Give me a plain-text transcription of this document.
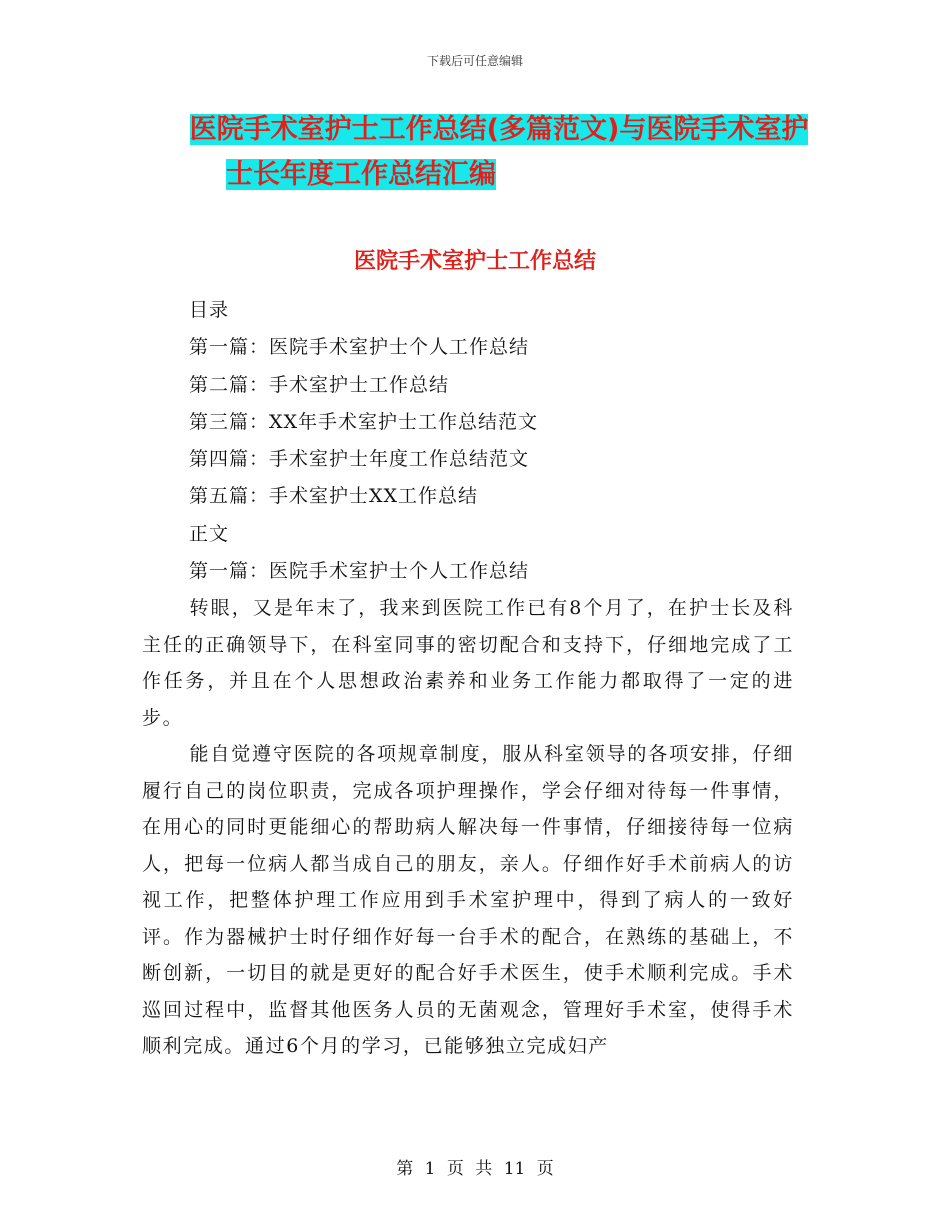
下载后可任意编辑
医院手术室护士工作总结(多篇范文)与医院手术室护
士长年度工作总结汇编
医院手术室护士工作总结
目录
第一篇：医院手术室护士个人工作总结
第二篇：手术室护士工作总结
第三篇：XX年手术室护士工作总结范文
第四篇：手术室护士年度工作总结范文
第五篇：手术室护士XX工作总结
正文
第一篇：医院手术室护士个人工作总结

转眼，又是年末了，我来到医院工作已有8个月了，在护士长及科主任的正确领导下，在科室同事的密切配合和支持下，仔细地完成了工作任务，并且在个人思想政治素养和业务工作能力都取得了一定的进步。

能自觉遵守医院的各项规章制度，服从科室领导的各项安排，仔细履行自己的岗位职责，完成各项护理操作，学会仔细对待每一件事情，在用心的同时更能细心的帮助病人解决每一件事情，仔细接待每一位病人，把每一位病人都当成自己的朋友，亲人。仔细作好手术前病人的访视工作，把整体护理工作应用到手术室护理中，得到了病人的一致好评。作为器械护士时仔细作好每一台手术的配合，在熟练的基础上，不断创新，一切目的就是更好的配合好手术医生，使手术顺利完成。手术巡回过程中，监督其他医务人员的无菌观念，管理好手术室，使得手术顺利完成。通过6个月的学习，已能够独立完成妇产

第 1 页 共 11 页
